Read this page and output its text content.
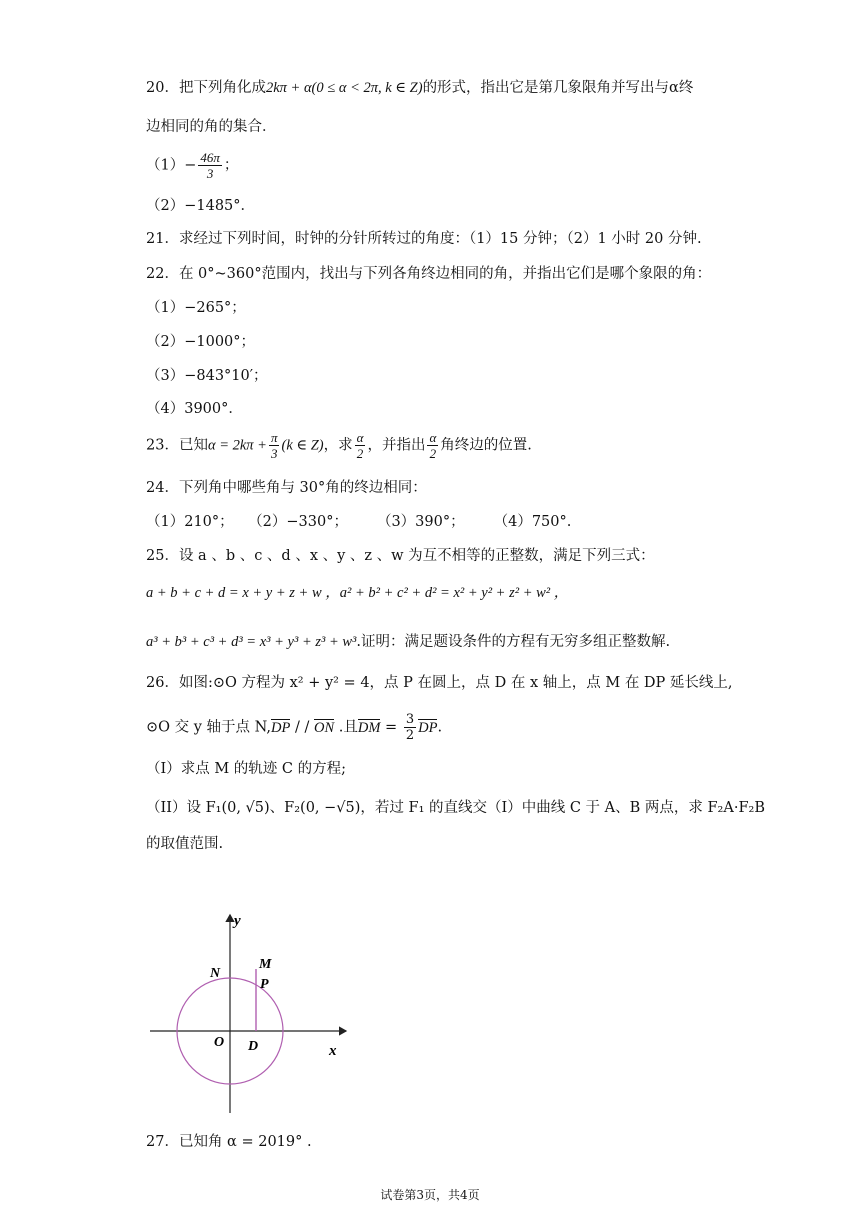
20．把下列角化成2kπ + α(0 ≤ α < 2π, k ∈ Z)的形式，指出它是第几象限角并写出与α终
边相同的角的集合．
$(1)- \frac{46\pi}{3}$ ；
（2）−1485°．
21．求经过下列时间，时钟的分针所转过的角度：（1）15 分钟；（2）1 小时 20 分钟.
22．在 0°~360°范围内，找出与下列各角终边相同的角，并指出它们是哪个象限的角：
（1）−265°；
（2）−1000°；
（3）−843°10′；
（4）3900°．
23．已知$\alpha = 2k\pi + \frac{\pi}{3} (k$ ∈ Z)，求 $\frac{\alpha}{2}$ ，并指出 $\frac{\alpha}{2}$ 角终边的位置.
24．下列角中哪些角与 30°角的终边相同：
（1）210°；　　（2）−330°；　　　（3）390°；　　　（4）750°.
25．设 a 、b 、c 、d 、x 、y 、z 、w 为互不相等的正整数，满足下列三式：
a + b + c + d = x + y + z + w ，a² + b² + c² + d² = x² + y² + z² + w² ，
a³ + b³ + c³ + d³ = x³ + y³ + z³ + w³.证明：满足题设条件的方程有无穷多组正整数解.
26．如图:⊙O 方程为 x² + y² = 4，点 P 在圆上，点 D 在 x 轴上，点 M 在 DP 延长线上,
⊙O 交 y 轴于点 N,DP / / ON .且DM = $\frac{3}{2}$ DP.
（I）求点 M 的轨迹 C 的方程;
（II）设 F₁(0, √5)、F₂(0, −√5)，若过 F₁ 的直线交（I）中曲线 C 于 A、B 两点，求 F₂A·F₂B
的取值范围.
y
x
O
N
M
P
D
27．已知角 α = 2019° .
试卷第3页，共4页
